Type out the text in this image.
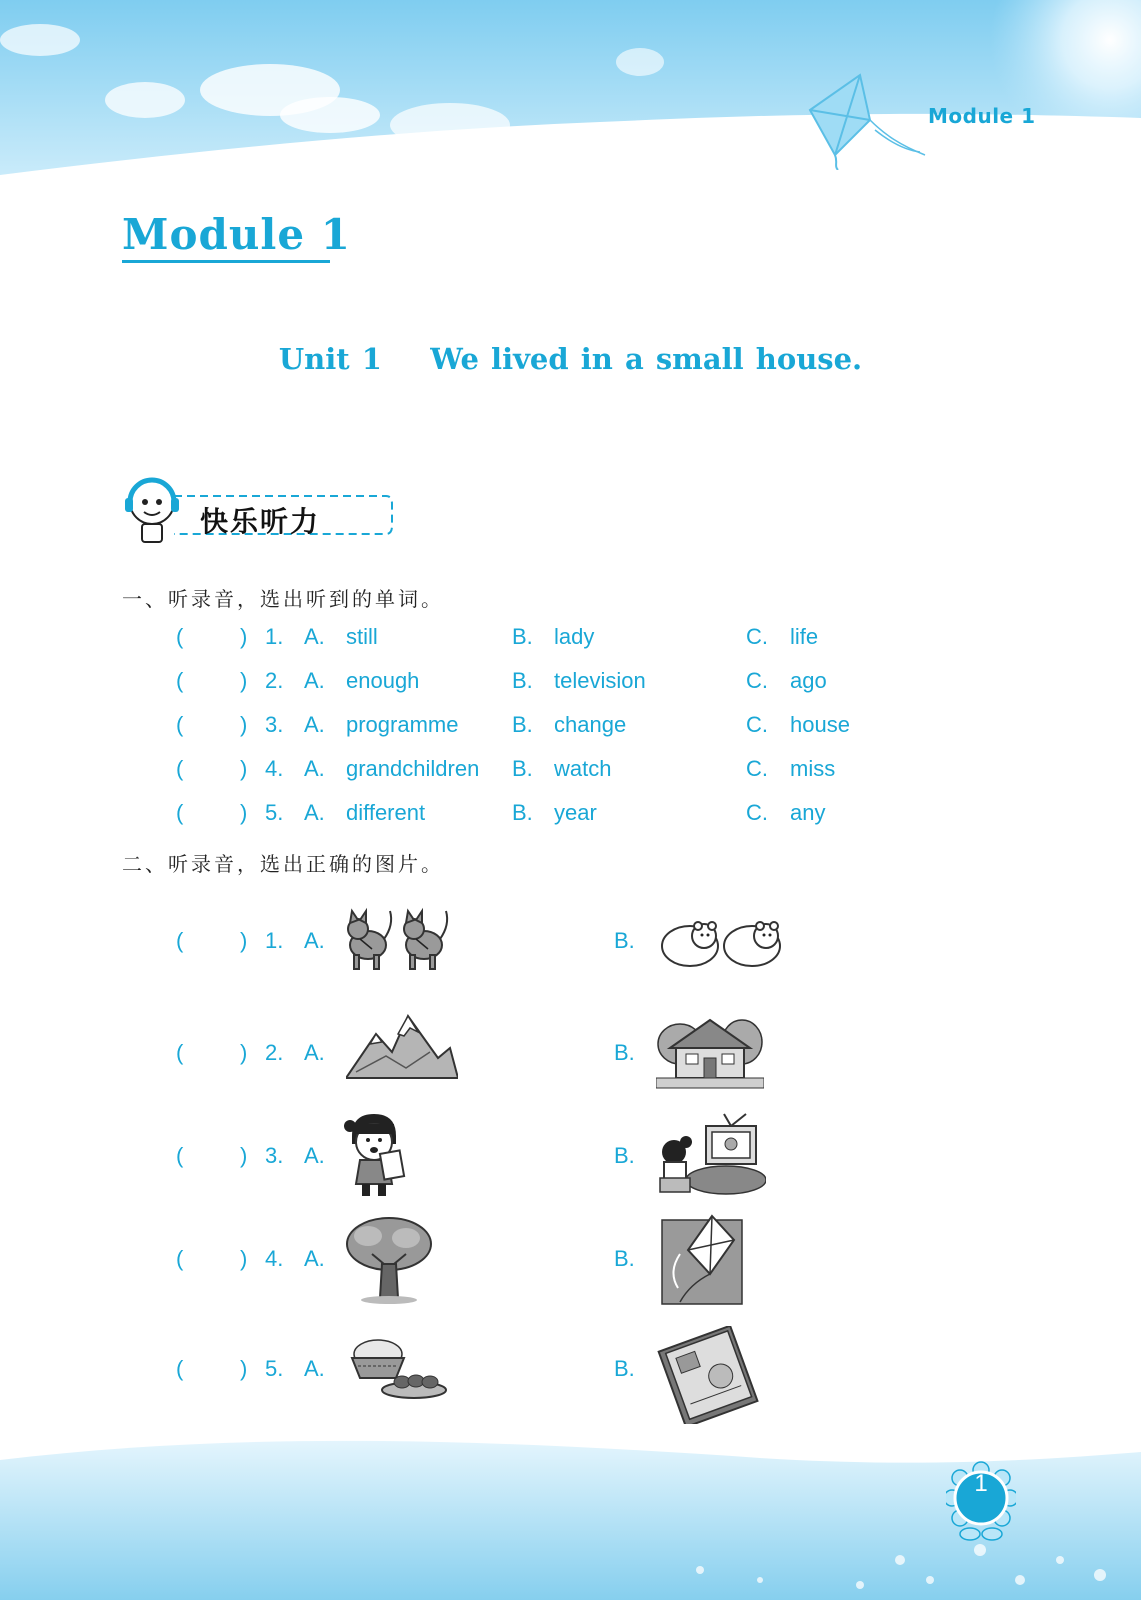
Module 1
Module 1
Unit 1 We lived in a small house.
快乐听力
一、听录音，选出听到的单词。
(	) 1. A. still	B. lady	C. life
(	) 2. A. enough	B. television	C. ago
(	) 3. A. programme B. change	C. house
(	) 4. A. grandchildren B. watch	C. miss
(	) 5. A. different	B. year	C. any
二、听录音，选出正确的图片。
(	) 1. A.	B.
(	) 2. A.	B.
(	) 3. A.	B.
(	) 4. A.	B.
(	) 5. A.	B.
1
